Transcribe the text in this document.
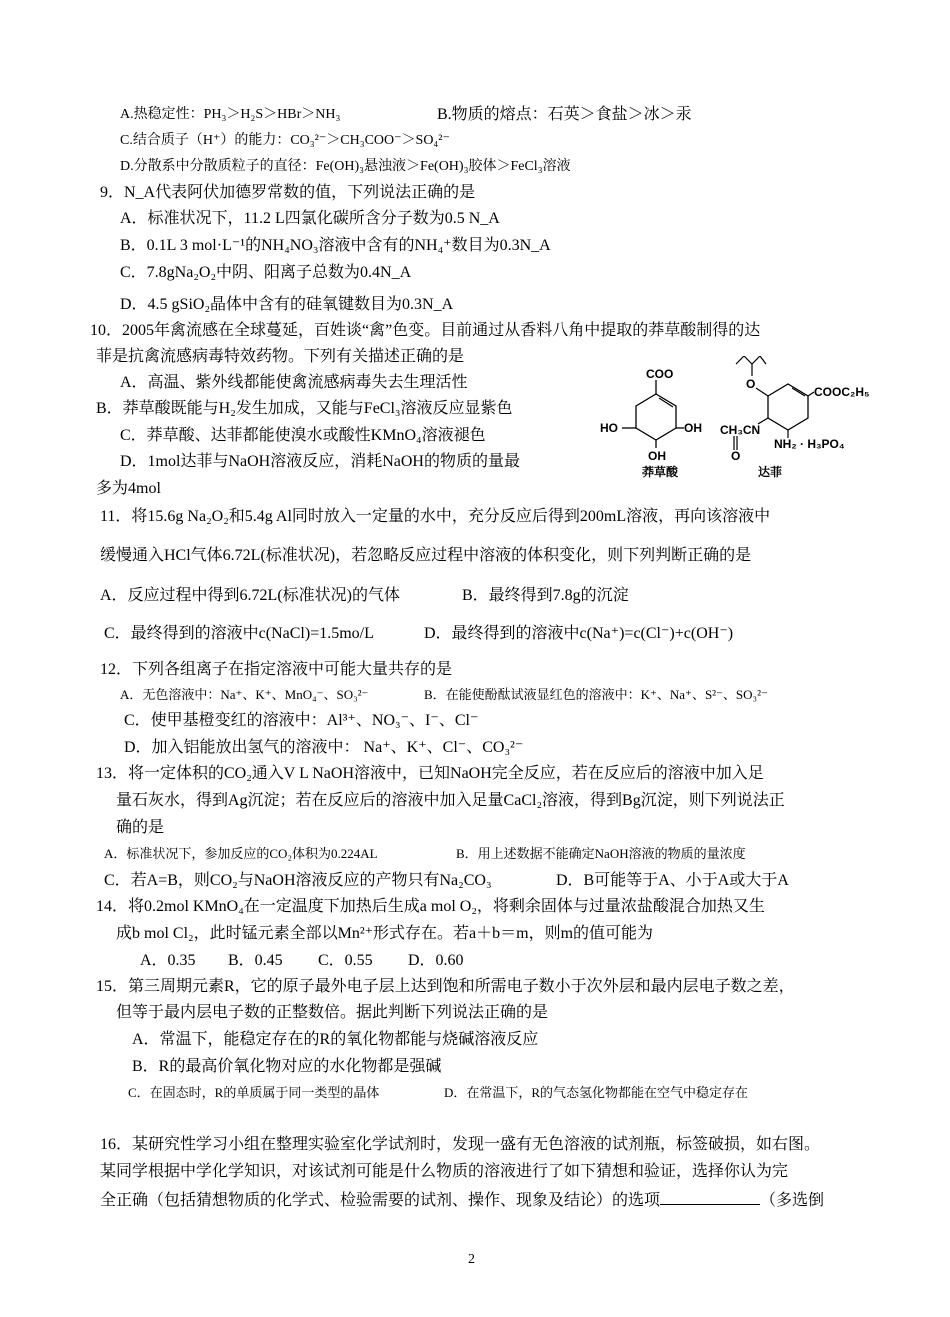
A.热稳定性：PH₃＞H₂S＞HBr＞NH₃	B.物质的熔点：石英＞食盐＞冰＞汞
C.结合质子（H⁺）的能力：CO₃²⁻＞CH₃COO⁻＞SO₄²⁻
D.分散系中分散质粒子的直径：Fe(OH)₃悬浊液＞Fe(OH)₃胶体＞FeCl₃溶液
9．N_A代表阿伏加德罗常数的值，下列说法正确的是
A．标准状况下，11.2 L四氯化碳所含分子数为0.5 N_A
B．0.1L 3 mol·L⁻¹的NH₄NO₃溶液中含有的NH₄⁺数目为0.3N_A
C．7.8gNa₂O₂中阴、阳离子总数为0.4N_A
D．4.5 gSiO₂晶体中含有的硅氧键数目为0.3N_A
10．2005年禽流感在全球蔓延，百姓谈“禽”色变。目前通过从香料八角中提取的莽草酸制得的达
菲是抗禽流感病毒特效药物。下列有关描述正确的是
A．高温、紫外线都能使禽流感病毒失去生理活性
B．莽草酸既能与H₂发生加成，又能与FeCl₃溶液反应显紫色
C．莽草酸、达菲都能使溴水或酸性KMnO₄溶液褪色
D．1mol达菲与NaOH溶液反应，消耗NaOH的物质的量最
多为4mol
COO
HO	OH
OH
莽草酸
O
COOC₂H₅
CH₃CN
O
NH₂ · H₃PO₄
达菲
11．将15.6g Na₂O₂和5.4g Al同时放入一定量的水中，充分反应后得到200mL溶液，再向该溶液中
缓慢通入HCl气体6.72L(标准状况)，若忽略反应过程中溶液的体积变化，则下列判断正确的是
A．反应过程中得到6.72L(标准状况)的气体	B．最终得到7.8g的沉淀
C．最终得到的溶液中c(NaCl)=1.5mo/L	D．最终得到的溶液中c(Na⁺)=c(Cl⁻)+c(OH⁻)
12．下列各组离子在指定溶液中可能大量共存的是
A．无色溶液中：Na⁺、K⁺、MnO₄⁻、SO₃²⁻	B．在能使酚酞试液显红色的溶液中：K⁺、Na⁺、S²⁻、SO₃²⁻
C．使甲基橙变红的溶液中：Al³⁺、NO₃⁻、I⁻、Cl⁻
D．加入铝能放出氢气的溶液中： Na⁺、K⁺、Cl⁻、CO₃²⁻
13．将一定体积的CO₂通入V L NaOH溶液中，已知NaOH完全反应，若在反应后的溶液中加入足
量石灰水，得到Ag沉淀；若在反应后的溶液中加入足量CaCl₂溶液，得到Bg沉淀，则下列说法正
确的是
A．标准状况下，参加反应的CO₂体积为0.224AL	B．用上述数据不能确定NaOH溶液的物质的量浓度
C．若A=B，则CO₂与NaOH溶液反应的产物只有Na₂CO₃	D．B可能等于A、小于A或大于A
14．将0.2mol KMnO₄在一定温度下加热后生成a mol O₂，将剩余固体与过量浓盐酸混合加热又生
成b mol Cl₂，此时锰元素全部以Mn²⁺形式存在。若a＋b＝m，则m的值可能为
A．0.35 B．0.45 C．0.55 D．0.60
15．第三周期元素R，它的原子最外电子层上达到饱和所需电子数小于次外层和最内层电子数之差，
但等于最内层电子数的正整数倍。据此判断下列说法正确的是
A．常温下，能稳定存在的R的氧化物都能与烧碱溶液反应
B．R的最高价氧化物对应的水化物都是强碱
C．在固态时，R的单质属于同一类型的晶体	D．在常温下，R的气态氢化物都能在空气中稳定存在
16．某研究性学习小组在整理实验室化学试剂时，发现一盛有无色溶液的试剂瓶，标签破损，如右图。
某同学根据中学化学知识，对该试剂可能是什么物质的溶液进行了如下猜想和验证，选择你认为完
全正确（包括猜想物质的化学式、检验需要的试剂、操作、现象及结论）的选项	（多选倒
2
